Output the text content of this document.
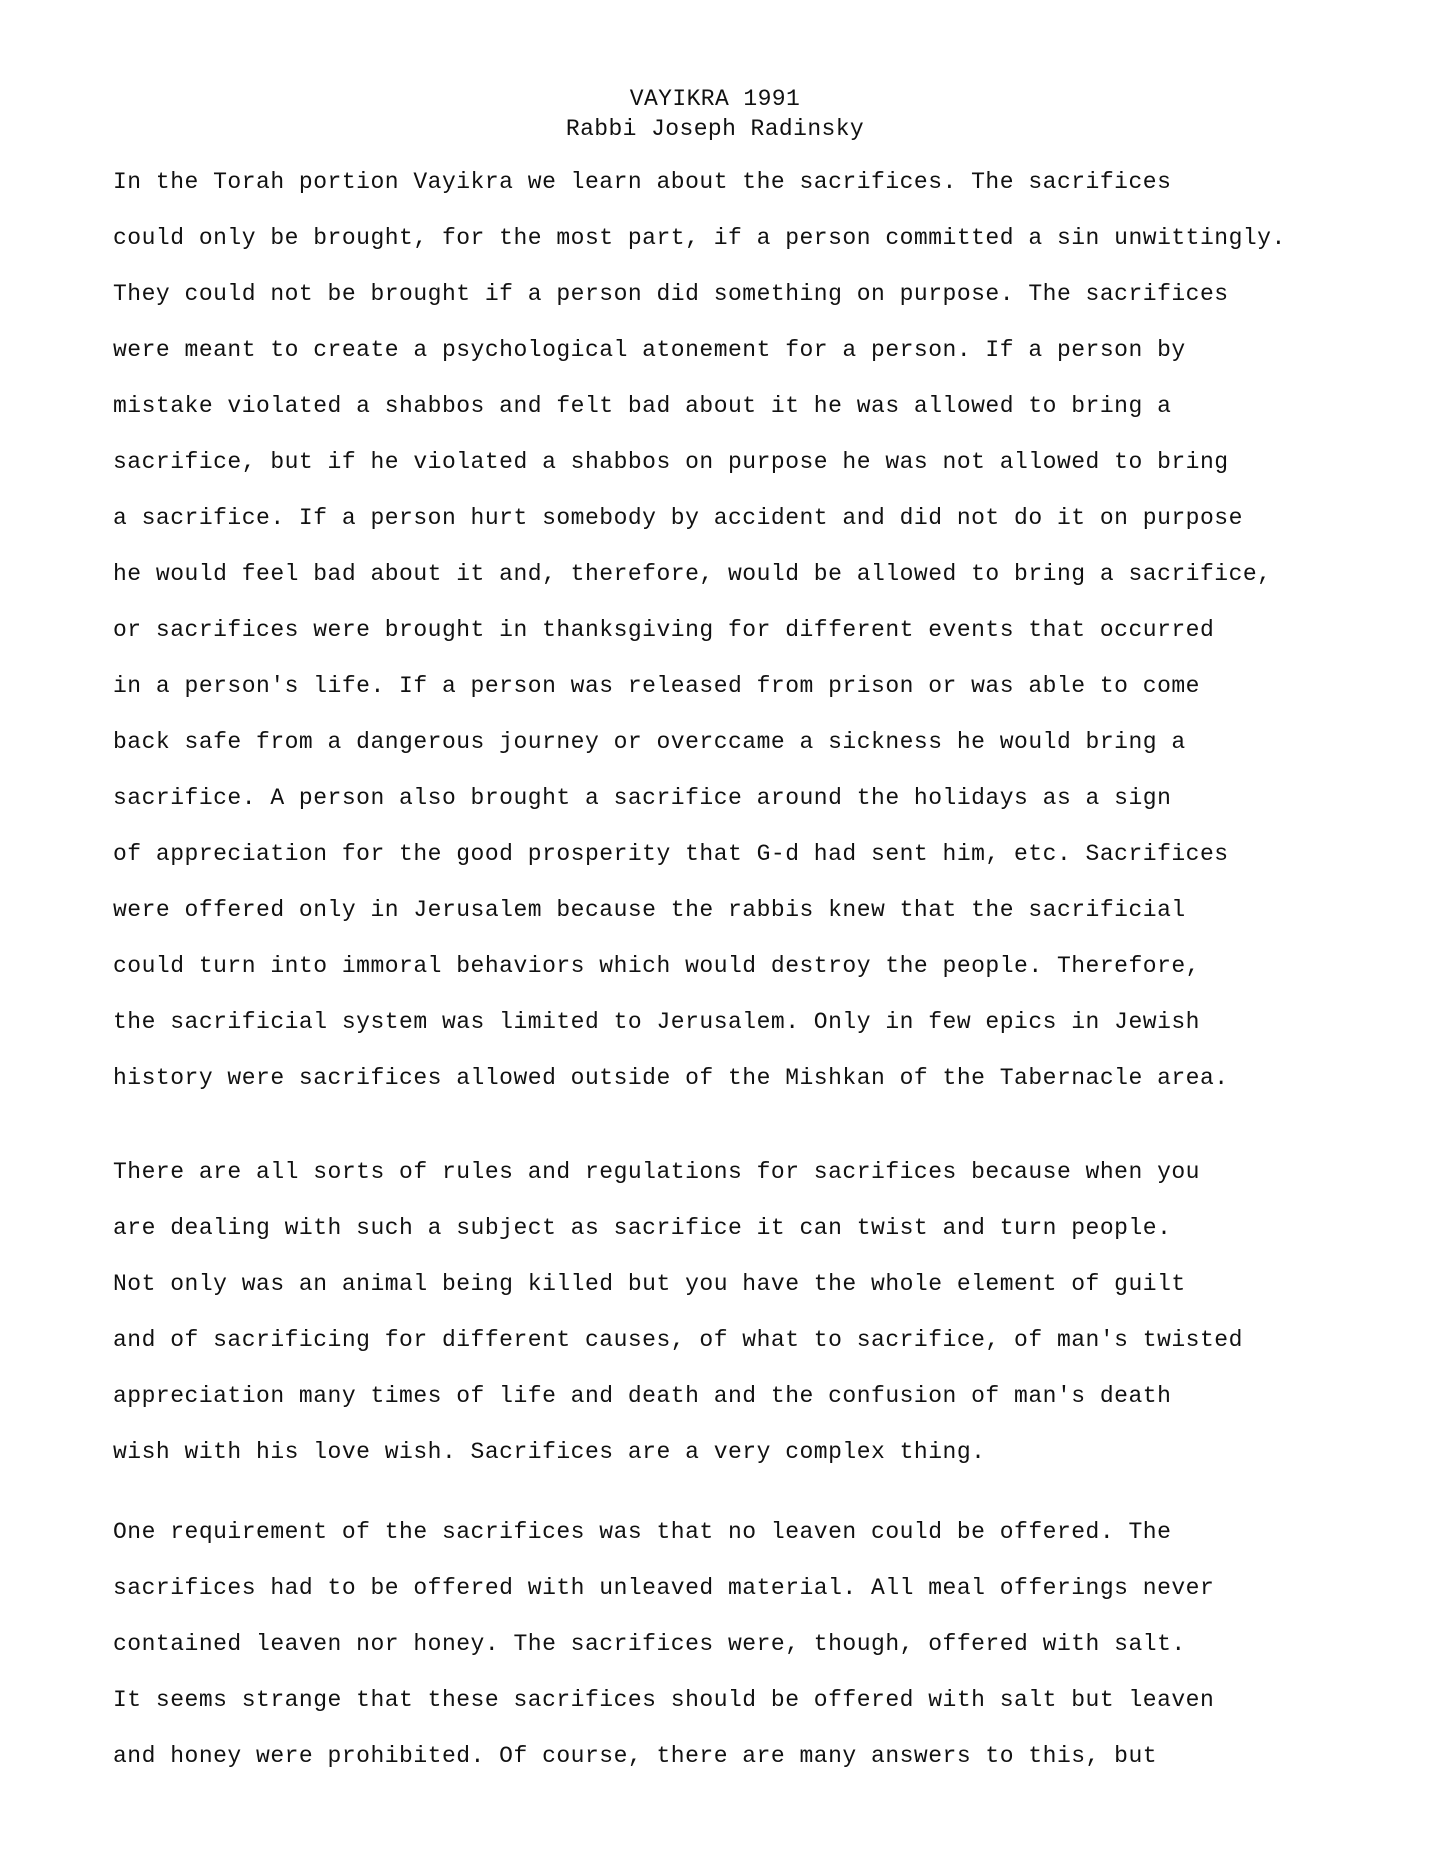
VAYIKRA 1991
Rabbi Joseph Radinsky
In the Torah portion Vayikra we learn about the sacrifices. The sacrifices
could only be brought, for the most part, if a person committed a sin unwittingly.
They could not be brought if a person did something on purpose. The sacrifices
were meant to create a psychological atonement for a person. If a person by
mistake violated a shabbos and felt bad about it he was allowed to bring a
sacrifice, but if he violated a shabbos on purpose he was not allowed to bring
a sacrifice. If a person hurt somebody by accident and did not do it on purpose
he would feel bad about it and, therefore, would be allowed to bring a sacrifice,
or sacrifices were brought in thanksgiving for different events that occurred
in a person's life. If a person was released from prison or was able to come
back safe from a dangerous journey or overccame a sickness he would bring a
sacrifice. A person also brought a sacrifice around the holidays as a sign
of appreciation for the good prosperity that G-d had sent him, etc. Sacrifices
were offered only in Jerusalem because the rabbis knew that the sacrificial
could turn into immoral behaviors which would destroy the people. Therefore,
the sacrificial system was limited to Jerusalem. Only in few epics in Jewish
history were sacrifices allowed outside of the Mishkan of the Tabernacle area.
There are all sorts of rules and regulations for sacrifices because when you
are dealing with such a subject as sacrifice it can twist and turn people.
Not only was an animal being killed but you have the whole element of guilt
and of sacrificing for different causes, of what to sacrifice, of man's twisted
appreciation many times of life and death and the confusion of man's death
wish with his love wish. Sacrifices are a very complex thing.
One requirement of the sacrifices was that no leaven could be offered. The
sacrifices had to be offered with unleaved material. All meal offerings never
contained leaven nor honey. The sacrifices were, though, offered with salt.
It seems strange that these sacrifices should be offered with salt but leaven
and honey were prohibited. Of course, there are many answers to this, but
